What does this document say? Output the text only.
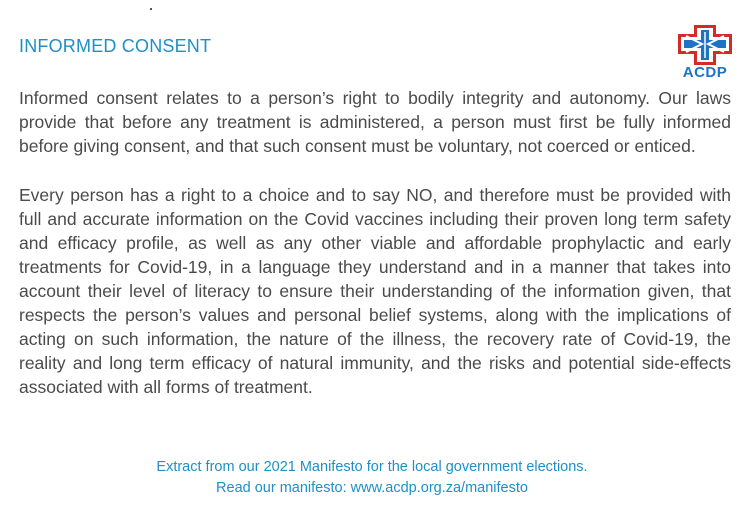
INFORMED CONSENT
ACDP

Informed consent relates to a person’s right to bodily integrity and autonomy. Our laws provide that before any treatment is administered, a person must first be fully informed before giving consent, and that such consent must be voluntary, not coerced or enticed.

Every person has a right to a choice and to say NO, and therefore must be provided with full and accurate information on the Covid vaccines including their proven long term safety and efficacy profile, as well as any other viable and affordable prophylactic and early treatments for Covid-19, in a language they understand and in a manner that takes into account their level of literacy to ensure their understanding of the information given, that respects the person’s values and personal belief systems, along with the implications of acting on such information, the nature of the illness, the recovery rate of Covid-19, the reality and long term efficacy of natural immunity, and the risks and potential side-effects associated with all forms of treatment.

Extract from our 2021 Manifesto for the local government elections.
Read our manifesto: www.acdp.org.za/manifesto
